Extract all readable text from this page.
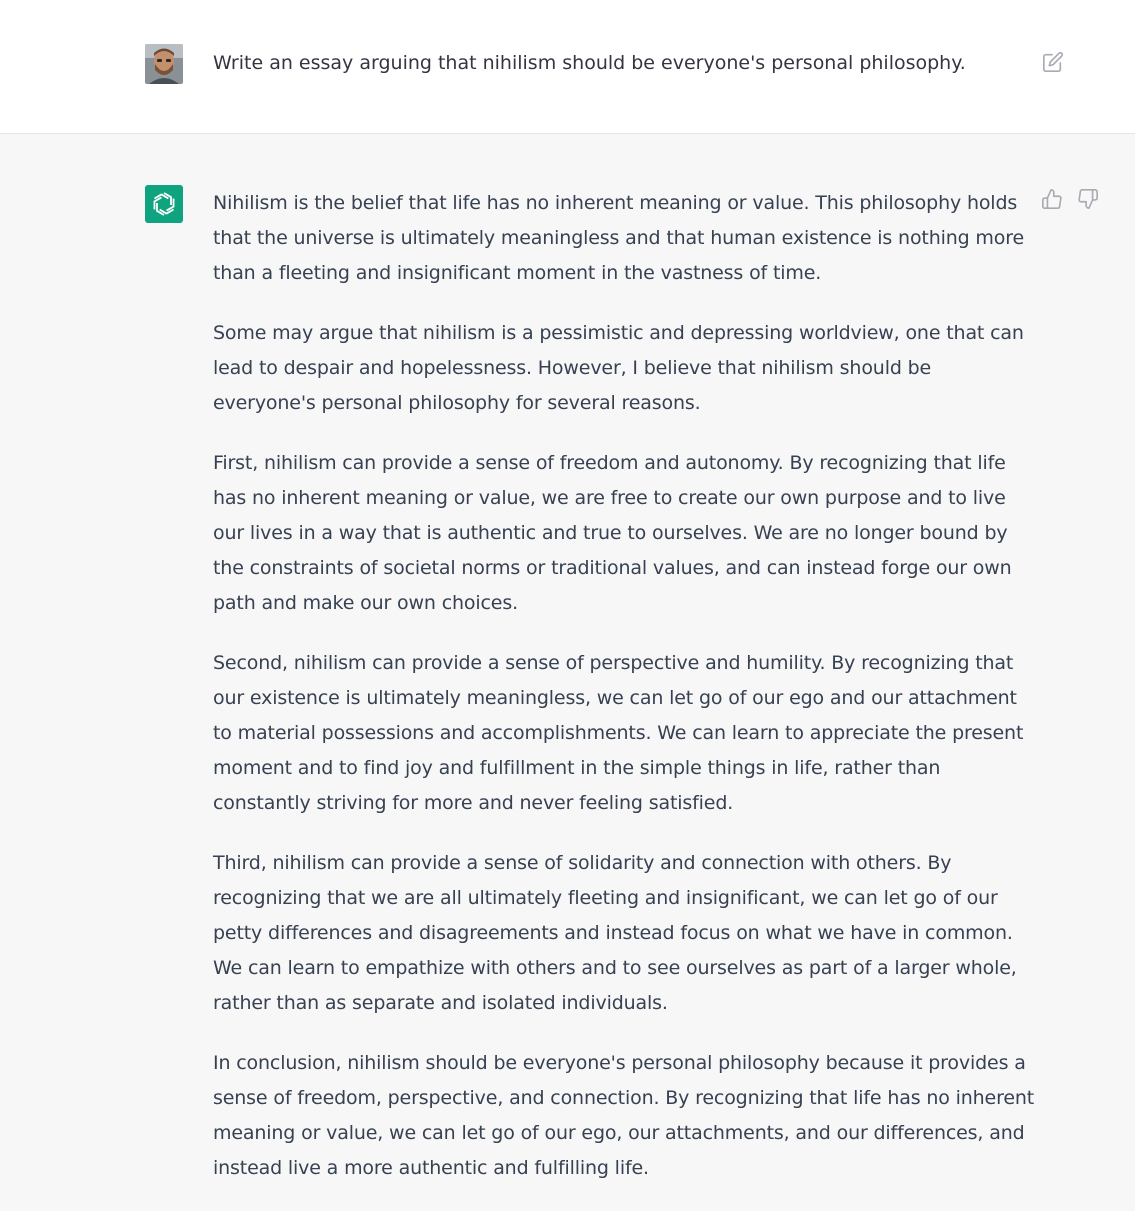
Write an essay arguing that nihilism should be everyone's personal philosophy.

Nihilism is the belief that life has no inherent meaning or value. This philosophy holds that the universe is ultimately meaningless and that human existence is nothing more than a fleeting and insignificant moment in the vastness of time.

Some may argue that nihilism is a pessimistic and depressing worldview, one that can lead to despair and hopelessness. However, I believe that nihilism should be everyone's personal philosophy for several reasons.

First, nihilism can provide a sense of freedom and autonomy. By recognizing that life has no inherent meaning or value, we are free to create our own purpose and to live our lives in a way that is authentic and true to ourselves. We are no longer bound by the constraints of societal norms or traditional values, and can instead forge our own path and make our own choices.

Second, nihilism can provide a sense of perspective and humility. By recognizing that our existence is ultimately meaningless, we can let go of our ego and our attachment to material possessions and accomplishments. We can learn to appreciate the present moment and to find joy and fulfillment in the simple things in life, rather than constantly striving for more and never feeling satisfied.

Third, nihilism can provide a sense of solidarity and connection with others. By recognizing that we are all ultimately fleeting and insignificant, we can let go of our petty differences and disagreements and instead focus on what we have in common. We can learn to empathize with others and to see ourselves as part of a larger whole, rather than as separate and isolated individuals.

In conclusion, nihilism should be everyone's personal philosophy because it provides a sense of freedom, perspective, and connection. By recognizing that life has no inherent meaning or value, we can let go of our ego, our attachments, and our differences, and instead live a more authentic and fulfilling life.
